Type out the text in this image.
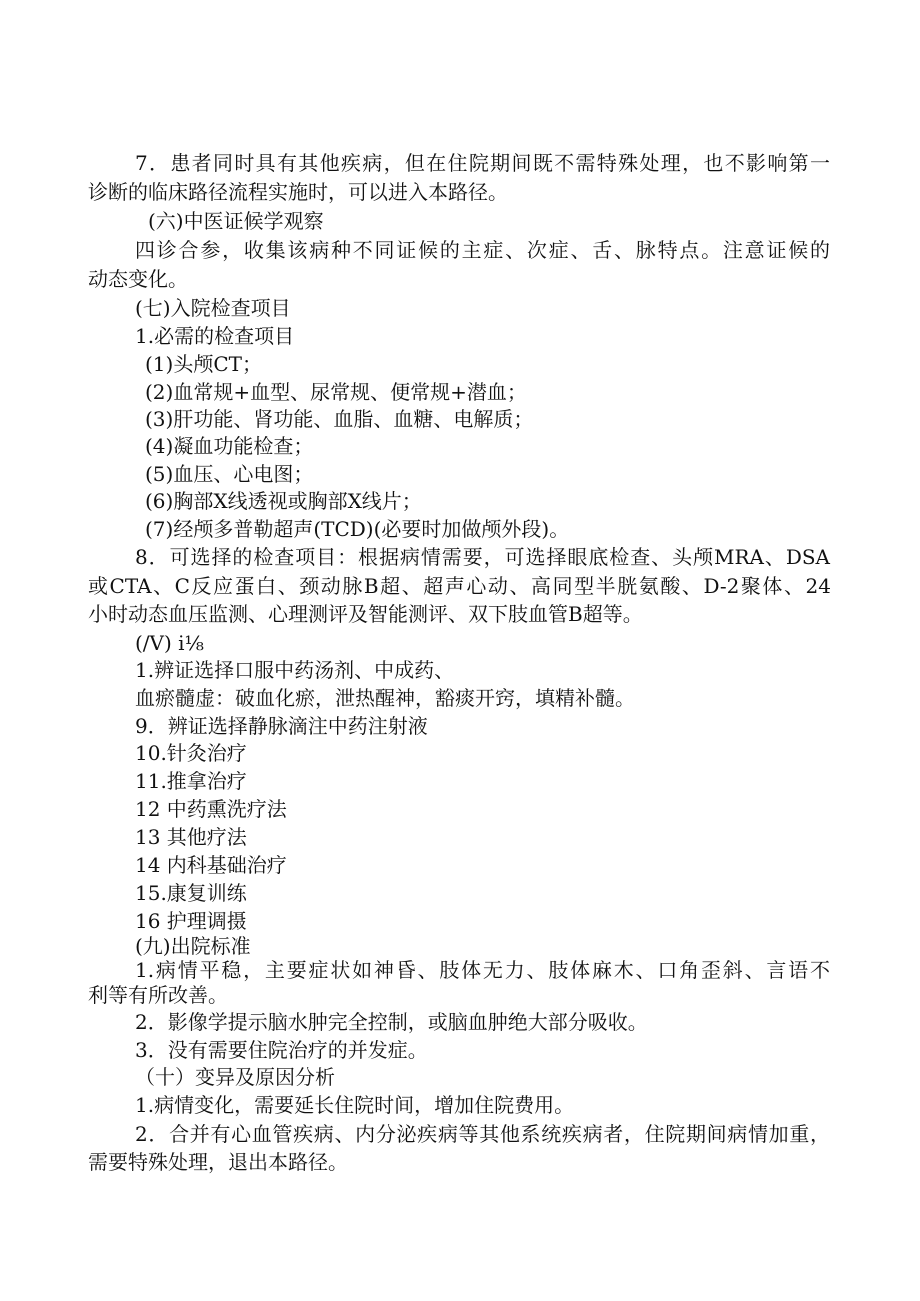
7．患者同时具有其他疾病，但在住院期间既不需特殊处理，也不影响第一

诊断的临床路径流程实施时，可以进入本路径。

(六)中医证候学观察

四诊合参，收集该病种不同证候的主症、次症、舌、脉特点。注意证候的

动态变化。

(七)入院检查项目

1.必需的检查项目

(1)头颅CT；

(2)血常规+血型、尿常规、便常规+潜血；

(3)肝功能、肾功能、血脂、血糖、电解质；

(4)凝血功能检查；

(5)血压、心电图；

(6)胸部X线透视或胸部X线片；

(7)经颅多普勒超声(TCD)(必要时加做颅外段)。

8．可选择的检查项目：根据病情需要，可选择眼底检查、头颅MRA、DSA

或CTA、C反应蛋白、颈动脉B超、超声心动、高同型半胱氨酸、D-2聚体、24

小时动态血压监测、心理测评及智能测评、双下肢血管B超等。

(/V) i⅛

1.辨证选择口服中药汤剂、中成药、

血瘀髓虚：破血化瘀，泄热醒神，豁痰开窍，填精补髓。

9．辨证选择静脉滴注中药注射液

10.针灸治疗

11.推拿治疗

12 中药熏洗疗法

13 其他疗法

14 内科基础治疗

15.康复训练

16 护理调摄

(九)出院标准

1.病情平稳，主要症状如神昏、肢体无力、肢体麻木、口角歪斜、言语不

利等有所改善。

2．影像学提示脑水肿完全控制，或脑血肿绝大部分吸收。

3．没有需要住院治疗的并发症。

（十）变异及原因分析

1.病情变化，需要延长住院时间，增加住院费用。

2．合并有心血管疾病、内分泌疾病等其他系统疾病者，住院期间病情加重，

需要特殊处理，退出本路径。
